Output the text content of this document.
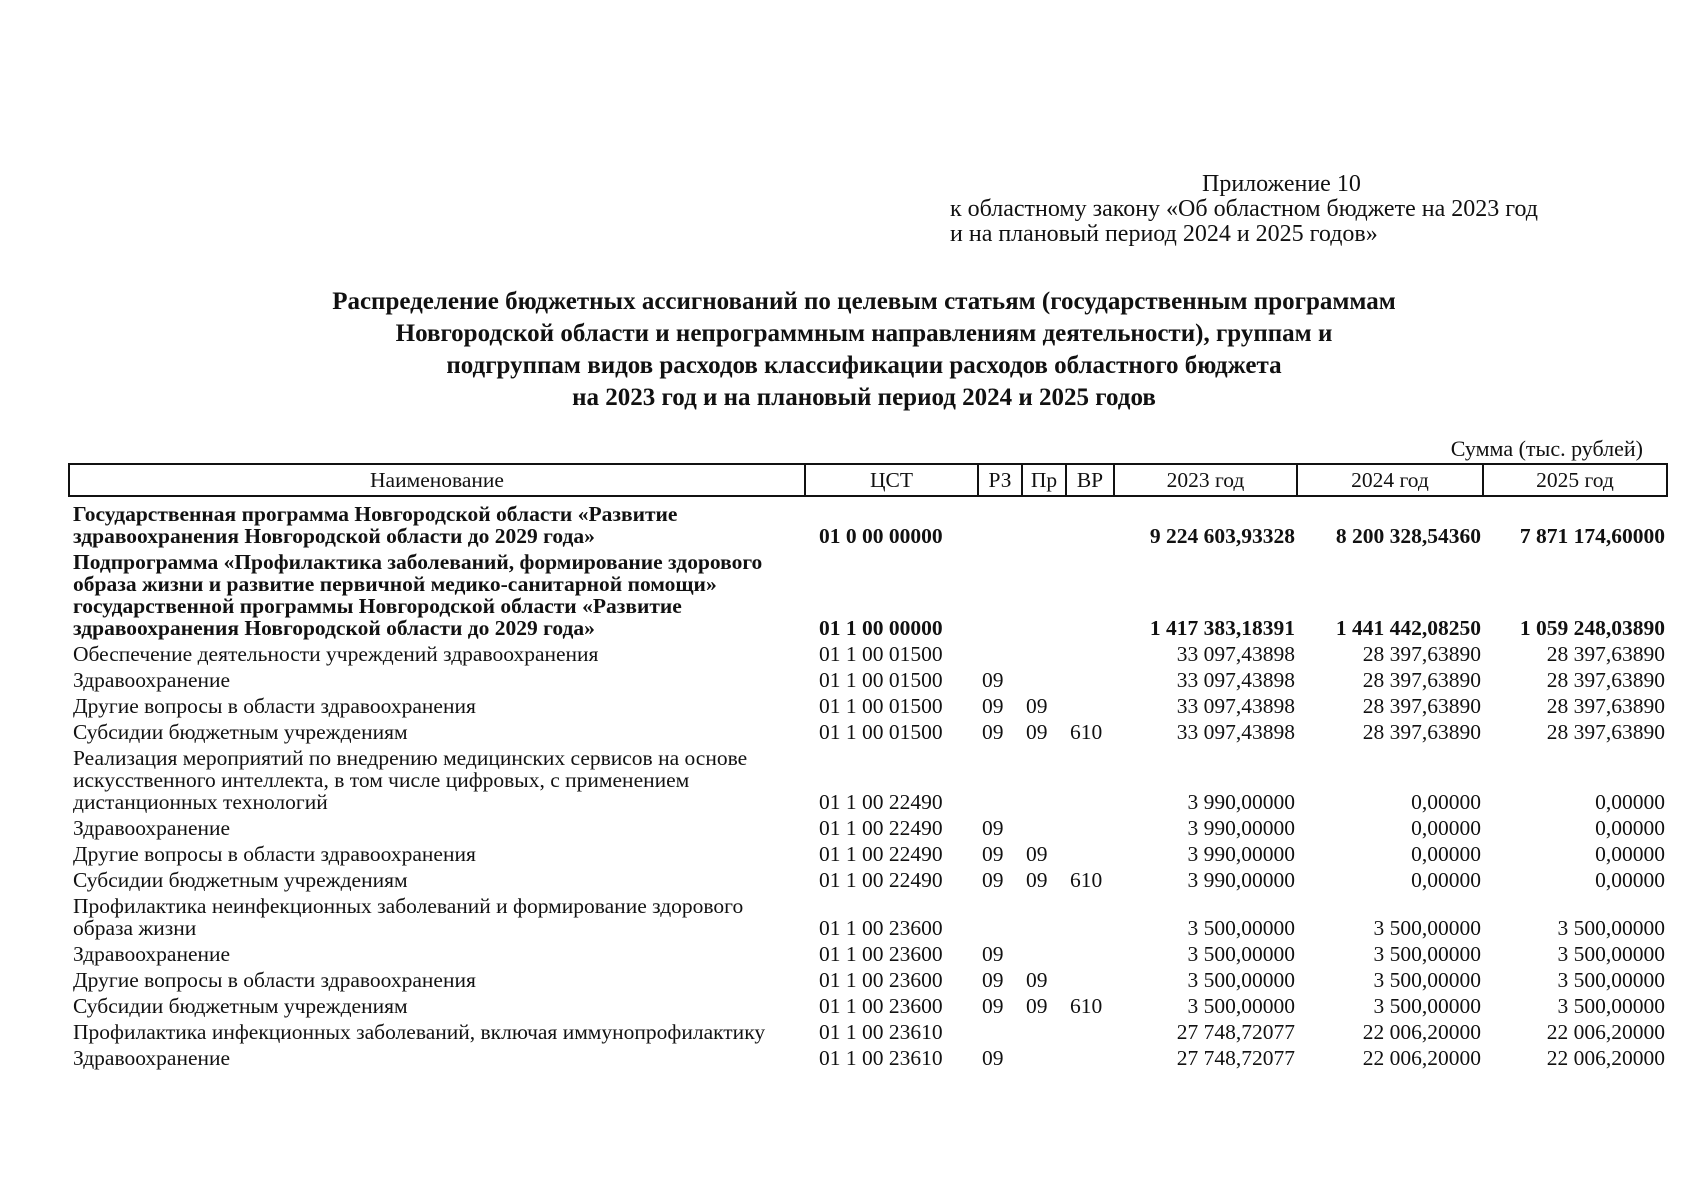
Приложение 10
к областному закону «Об областном бюджете на 2023 год
и на плановый период 2024 и 2025 годов»
Распределение бюджетных ассигнований по целевым статьям (государственным программам
Новгородской области и непрограммным направлениям деятельности), группам и
подгруппам видов расходов классификации расходов областного бюджета
на 2023 год и на плановый период 2024 и 2025 годов
Сумма (тыс. рублей)
Наименование	ЦСТ	РЗ	Пр	ВР	2023 год	2024 год	2025 год
Государственная программа Новгородской области «Развитие здравоохранения Новгородской области до 2029 года»	01 0 00 00000				9 224 603,93328	8 200 328,54360	7 871 174,60000
Подпрограмма «Профилактика заболеваний, формирование здорового образа жизни и развитие первичной медико-санитарной помощи» государственной программы Новгородской области «Развитие здравоохранения Новгородской области до 2029 года»	01 1 00 00000				1 417 383,18391	1 441 442,08250	1 059 248,03890
Обеспечение деятельности учреждений здравоохранения	01 1 00 01500				33 097,43898	28 397,63890	28 397,63890
Здравоохранение	01 1 00 01500	09			33 097,43898	28 397,63890	28 397,63890
Другие вопросы в области здравоохранения	01 1 00 01500	09	09		33 097,43898	28 397,63890	28 397,63890
Субсидии бюджетным учреждениям	01 1 00 01500	09	09	610	33 097,43898	28 397,63890	28 397,63890
Реализация мероприятий по внедрению медицинских сервисов на основе искусственного интеллекта, в том числе цифровых, с применением дистанционных технологий	01 1 00 22490				3 990,00000	0,00000	0,00000
Здравоохранение	01 1 00 22490	09			3 990,00000	0,00000	0,00000
Другие вопросы в области здравоохранения	01 1 00 22490	09	09		3 990,00000	0,00000	0,00000
Субсидии бюджетным учреждениям	01 1 00 22490	09	09	610	3 990,00000	0,00000	0,00000
Профилактика неинфекционных заболеваний и формирование здорового образа жизни	01 1 00 23600				3 500,00000	3 500,00000	3 500,00000
Здравоохранение	01 1 00 23600	09			3 500,00000	3 500,00000	3 500,00000
Другие вопросы в области здравоохранения	01 1 00 23600	09	09		3 500,00000	3 500,00000	3 500,00000
Субсидии бюджетным учреждениям	01 1 00 23600	09	09	610	3 500,00000	3 500,00000	3 500,00000
Профилактика инфекционных заболеваний, включая иммунопрофилактику	01 1 00 23610				27 748,72077	22 006,20000	22 006,20000
Здравоохранение	01 1 00 23610	09			27 748,72077	22 006,20000	22 006,20000
